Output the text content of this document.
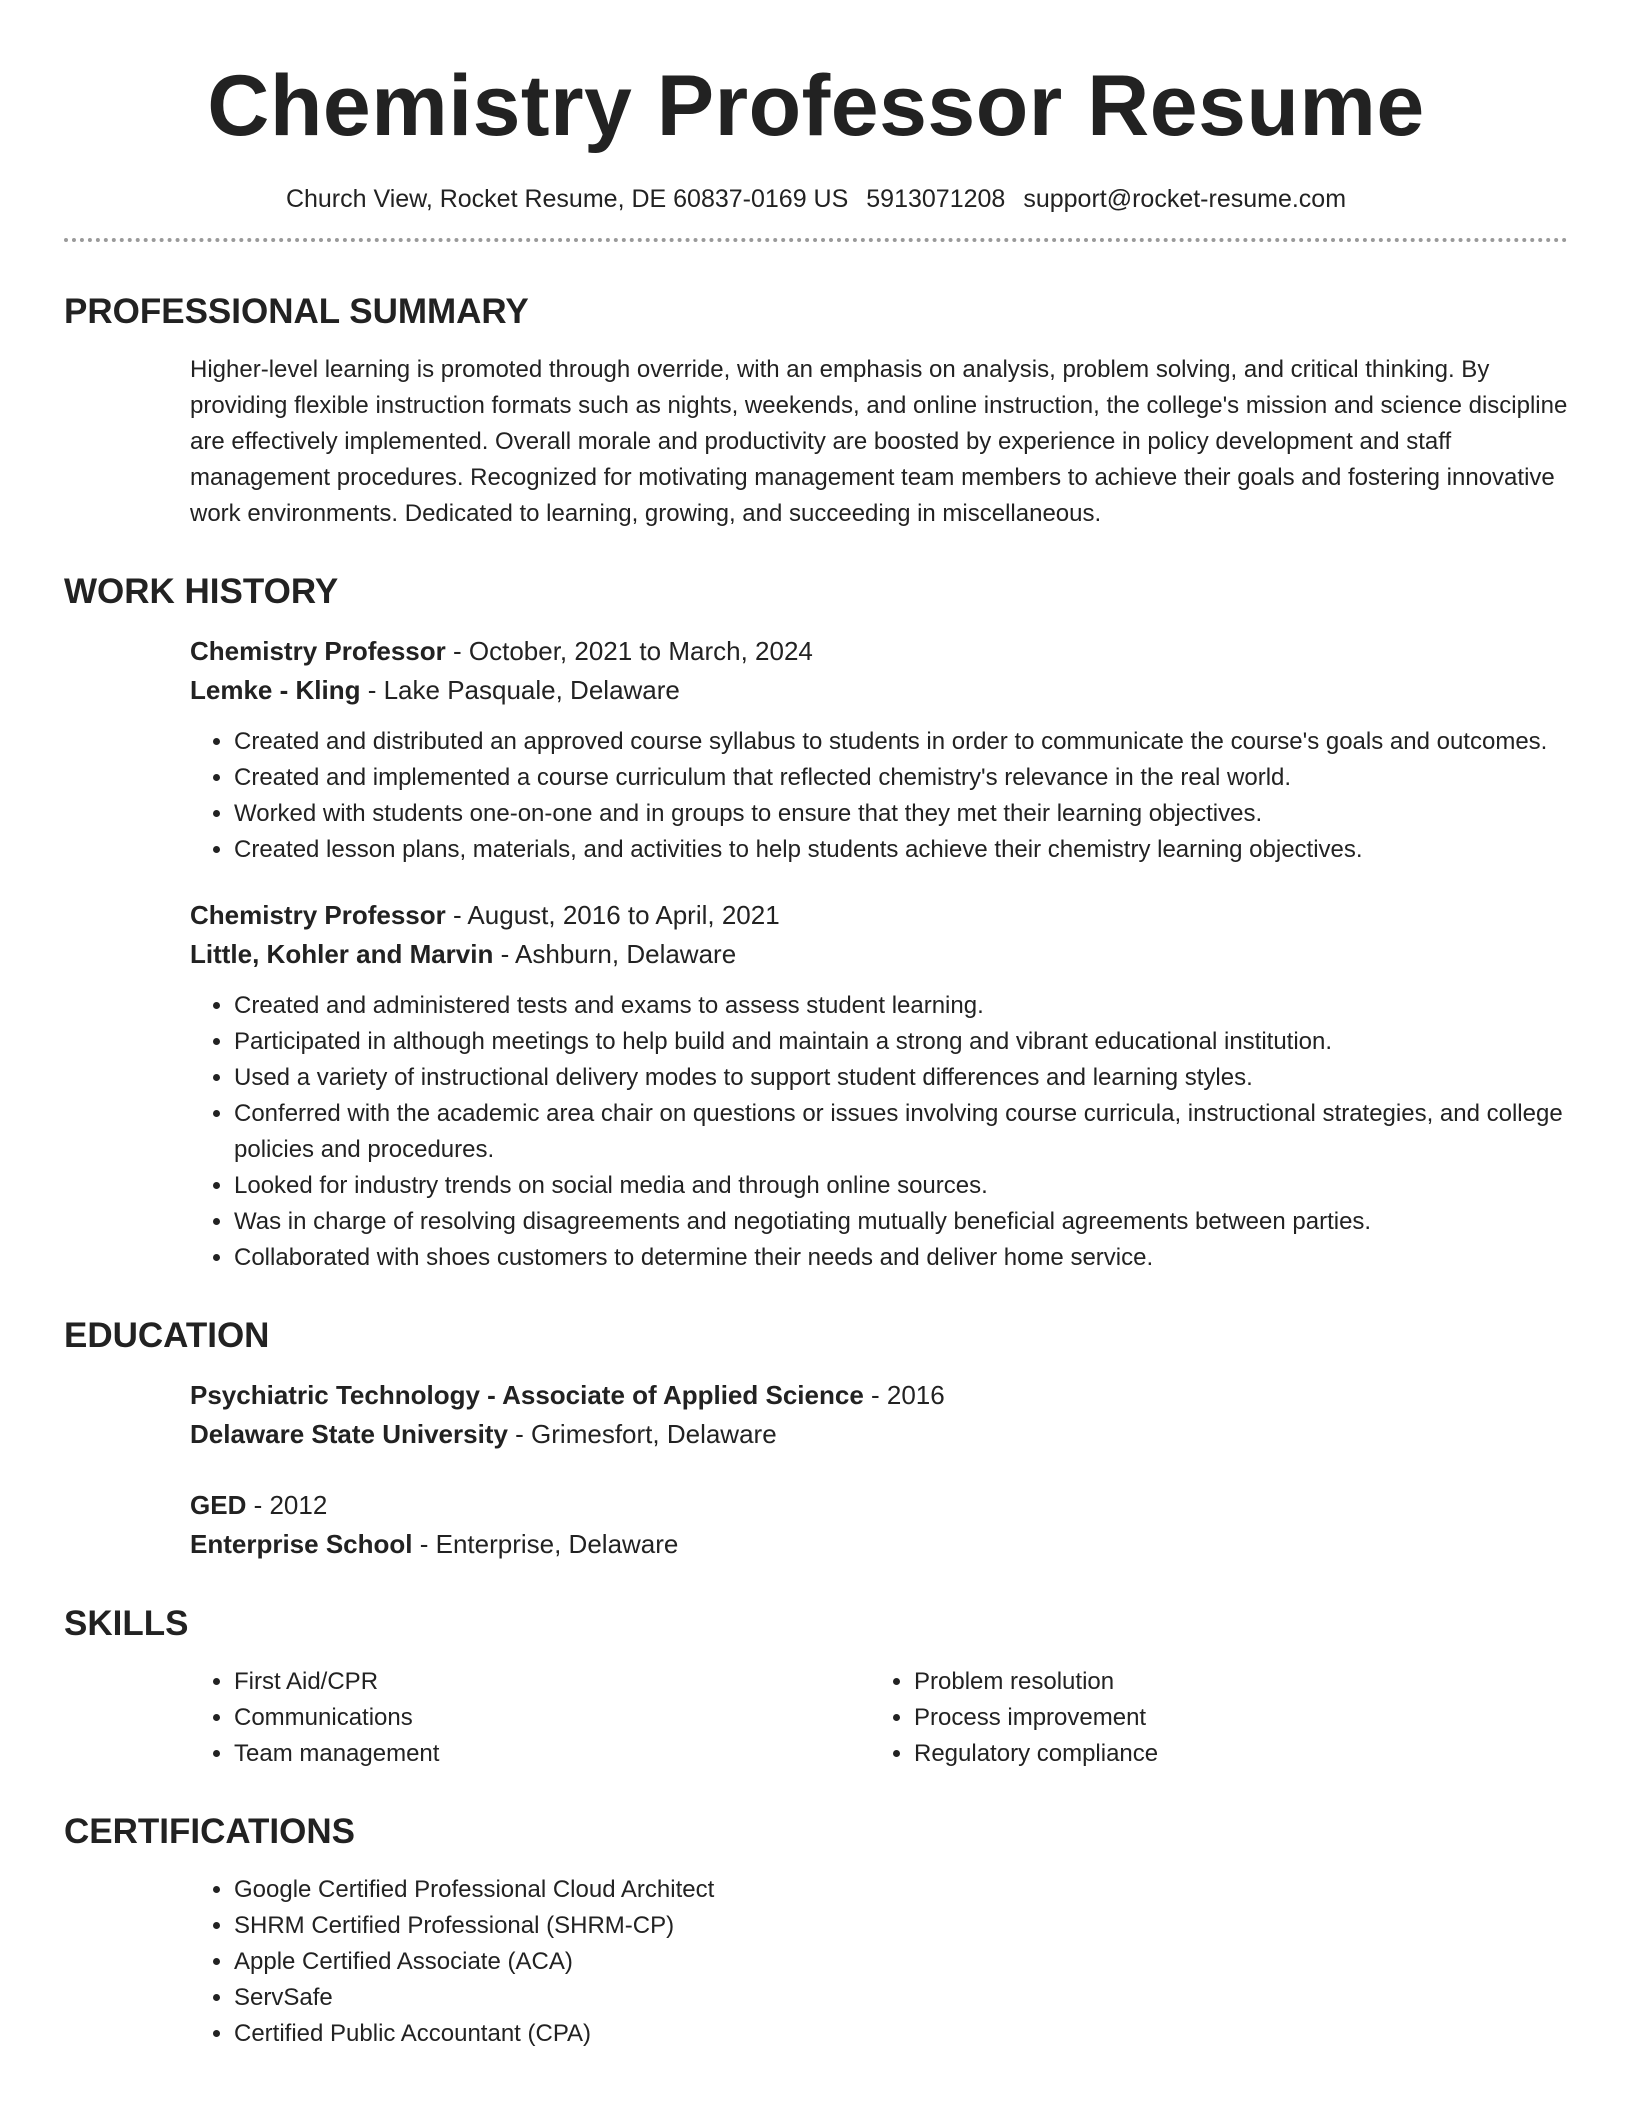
Chemistry Professor Resume
Church View, Rocket Resume, DE 60837-0169 US 5913071208 support@rocket-resume.com
PROFESSIONAL SUMMARY

Higher-level learning is promoted through override, with an emphasis on analysis, problem solving, and critical thinking. By providing flexible instruction formats such as nights, weekends, and online instruction, the college's mission and science discipline are effectively implemented. Overall morale and productivity are boosted by experience in policy development and staff management procedures. Recognized for motivating management team members to achieve their goals and fostering innovative work environments. Dedicated to learning, growing, and succeeding in miscellaneous.

WORK HISTORY
Chemistry Professor - October, 2021 to March, 2024
Lemke - Kling - Lake Pasquale, Delaware
• Created and distributed an approved course syllabus to students in order to communicate the course's goals and outcomes.
• Created and implemented a course curriculum that reflected chemistry's relevance in the real world.
• Worked with students one-on-one and in groups to ensure that they met their learning objectives.
• Created lesson plans, materials, and activities to help students achieve their chemistry learning objectives.
Chemistry Professor - August, 2016 to April, 2021
Little, Kohler and Marvin - Ashburn, Delaware
• Created and administered tests and exams to assess student learning.
• Participated in although meetings to help build and maintain a strong and vibrant educational institution.
• Used a variety of instructional delivery modes to support student differences and learning styles.
• Conferred with the academic area chair on questions or issues involving course curricula, instructional strategies, and college policies and procedures.
• Looked for industry trends on social media and through online sources.
• Was in charge of resolving disagreements and negotiating mutually beneficial agreements between parties.
• Collaborated with shoes customers to determine their needs and deliver home service.
EDUCATION
Psychiatric Technology - Associate of Applied Science - 2016
Delaware State University - Grimesfort, Delaware
GED - 2012
Enterprise School - Enterprise, Delaware
SKILLS
• First Aid/CPR
• Communications
• Team management
• Problem resolution
• Process improvement
• Regulatory compliance
CERTIFICATIONS
• Google Certified Professional Cloud Architect
• SHRM Certified Professional (SHRM-CP)
• Apple Certified Associate (ACA)
• ServSafe
• Certified Public Accountant (CPA)
